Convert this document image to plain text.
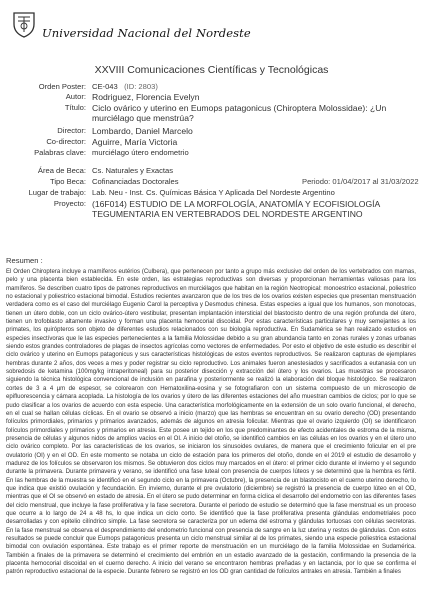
Universidad Nacional del Nordeste
XXVIII Comunicaciones Científicas y Tecnológicas
Orden Poster: CE-043 (ID: 2803)
Autor: Rodriguez, Florencia Evelyn
Título: Ciclo ovárico y uterino en Eumops patagonicus (Chiroptera Molossidae): ¿Un murciélago que menstrúa?
Director: Lombardo, Daniel Marcelo
Co-director: Aguirre, María Victoria
Palabras clave: murciélago útero endometrio
Área de Beca: Cs. Naturales y Exactas
Tipo Beca: Cofinanciadas Doctorales	Periodo: 01/04/2017 al 31/03/2022
Lugar de trabajo: Lab. Neu - Inst. Cs. Químicas Básica Y Aplicada Del Nordeste Argentino
Proyecto: (16F014) ESTUDIO DE LA MORFOLOGÍA, ANATOMÍA Y ECOFISIOLOGÍA TEGUMENTARIA EN VERTEBRADOS DEL NORDESTE ARGENTINO
Resumen :
El Orden Chiroptera incluye a mamíferos eutérios (Culbera), que pertenecen por tanto a grupo más exclusivo del orden de los vertebrados con mamas, pelo y una placenta bien establecida. En este orden, las estrategias reproductivas son diversas y proporcionan herramientas valiosas para los mamíferos. Se describen cuatro tipos de patrones reproductivos en murciélagos que habitan en la región Neotropical: monoestrico estacional, poliestrico no estacional y poliestrico estacional bimodal. Estudios recientes avanzaron que de los tres de los ovarios existen especies que presentan menstruación verdadera como es el caso del murciélago Eugenio Carol la perceptiva y Desmodus chinesa. Estas especies a igual que los humanos, son monotocas, tienen un útero doble, con un ciclo ovárico-útero vestibular, presentan implantación intersticial del blastocisto dentro de una región profunda del útero, tienen un trofoblasto altamente invasivo y forman una placenta hemocorial discoidal. Por estas características particulares y muy semejantes a los primates, los quirópteros son objeto de diferentes estudios relacionados con su biología reproductiva. En Sudamérica se han realizado estudios en especies insectívoras que le las especies pertenecientes a la familia Molossidae debido a su gran abundancia tanto en zonas rurales y zonas urbanas siendo estos grandes controladores de plagas de insectos agrícolas como vectores de enfermedades. Por esto el objetivo de este estudio es describir el ciclo ovárico y uterino en Eumops patagonicus y sus características histológicas de estos eventos reproductivos. Se realizaron capturas de ejemplares hembras durante 2 años, dos veces a mes y poder registrar su ciclo reproductivo. Los animales fueron anestesiados y sacrificados a eutanasia con un sobredosis de ketamina (100mg/kg intraperitoneal) para su posterior disección y extracción del útero y los ovarios. Las muestras se procesaron siguiendo la técnica histológica convencional de inclusión en parafina y posteriormente se realizó la elaboración del bloque histológico. Se realizaron cortes de 3 a 4 µm de espesor, se colorearon con Hematoxilina-eosina y se fotografiaron con un sistema compuesto de un microscopio de epifluorescencia y cámara acoplada. La histología de los ovarios y útero de las diferentes estaciones del año muestran cambios de ciclos; por lo que se pudo clasificar a los ovarios de acuerdo con esta especie. Una característica morfológicamente en la extensión de un solo ovario funcional, el derecho, en el cual se hallan células cíclicas. En el ovario se observó a inicio (marzo) que las hembras se encuentran en su ovario derecho (OD) presentando folículos primordiales, primarios y primarios avanzados, además de algunos en atresia folicular. Mientras que el ovario izquierdo (OI) se identificaron folículos primordiales y primarios y primarios en atresia. Este posee un tejido en los que predominantes de efecto acidentales de estroma de la misma, presencia de células y algunos nidos de amplios vacíos en el OI. A inicio del otoño, se identificó cambios en las células en los ovarios y en el útero uno ciclo ovárico completo. Por las características de los ovarios, se iniciaron los sinusoides ovulares, de manera que el crecimiento folicular en el pre ovulatorio (OI) y en el OD. En este momento se notaba un ciclo de estación para los primeros del otoño, donde en el 2019 el estudio de desarrollo y madurez de los folículos se observaron los mismos. Se obtuvieron dos ciclos muy marcados en el útero: el primer ciclo durante el invierno y el segundo durante la primavera. Durante primavera y verano, se identificó una fase luteal con presencia de cuerpos lúteos y se determinó que la hembra es fértil. En las hembras de la muestra se identificó en el segundo ciclo en la primavera (Octubre), la presencia de un blastocisto en el cuerno uterino derecho, lo que indica que existió ovulación y fecundación. En invierno, durante el pre ovulatorio (diciembre) se registró la presencia de cuerpo lúteo en el OD, mientras que el OI se observó en estado de atresia. En el útero se pudo determinar en forma cíclica el desarrollo del endometrio con las diferentes fases del ciclo menstrual, que incluye la fase proliferativa y la fase secretora. Durante el periodo de estudio se determinó que la fase menstrual es un proceso que ocurre a lo largo de 24 a 48 hs, lo que indica un ciclo corto. Se identificó que la fase proliferativa presenta glándulas endometriales poco desarrolladas y con epitelio cilíndrico simple. La fase secretora se caracteriza por un edema del estroma y glándulas tortuosas con células secretoras. En la fase menstrual se observa el desprendimiento del endometrio funcional con presencia de sangre en la luz uterina y restos de glándulas. Con estos resultados se puede concluir que Eumops patagonicus presenta un ciclo menstrual similar al de los primates, siendo una especie poliestrica estacional bimodal con ovulación espontánea. Este trabajo es el primer reporte de menstruación en un murciélago de la familia Molossidae en Sudamérica. También a finales de la primavera se determinó el crecimiento del embrión en un estadio avanzado de la gestación, confirmando la presencia de la placenta hemocorial discoidal en el cuerno derecho. A inicio del verano se encontraron hembras preñadas y en lactancia, por lo que se confirma el patrón reproductivo estacional de la especie. Durante febrero se registró en los OD gran cantidad de folículos antrales en atresia. También a finales
